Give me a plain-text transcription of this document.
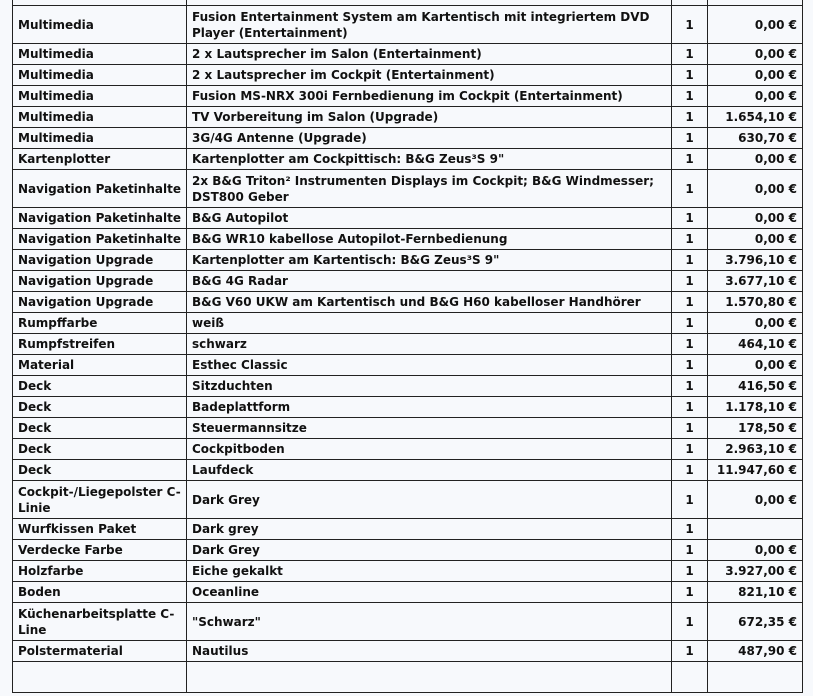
Multimedia	Fusion Entertainment System am Kartentisch mit integriertem DVD Player (Entertainment)	1	0,00 €
Multimedia	2 x Lautsprecher im Salon (Entertainment)	1	0,00 €
Multimedia	2 x Lautsprecher im Cockpit (Entertainment)	1	0,00 €
Multimedia	Fusion MS-NRX 300i Fernbedienung im Cockpit (Entertainment)	1	0,00 €
Multimedia	TV Vorbereitung im Salon (Upgrade)	1	1.654,10 €
Multimedia	3G/4G Antenne (Upgrade)	1	630,70 €
Kartenplotter	Kartenplotter am Cockpittisch: B&G Zeus³S 9"	1	0,00 €
Navigation Paketinhalte	2x B&G Triton² Instrumenten Displays im Cockpit; B&G Windmesser; DST800 Geber	1	0,00 €
Navigation Paketinhalte	B&G Autopilot	1	0,00 €
Navigation Paketinhalte	B&G WR10 kabellose Autopilot-Fernbedienung	1	0,00 €
Navigation Upgrade	Kartenplotter am Kartentisch: B&G Zeus³S 9"	1	3.796,10 €
Navigation Upgrade	B&G 4G Radar	1	3.677,10 €
Navigation Upgrade	B&G V60 UKW am Kartentisch und B&G H60 kabelloser Handhörer	1	1.570,80 €
Rumpffarbe	weiß	1	0,00 €
Rumpfstreifen	schwarz	1	464,10 €
Material	Esthec Classic	1	0,00 €
Deck	Sitzduchten	1	416,50 €
Deck	Badeplattform	1	1.178,10 €
Deck	Steuermannsitze	1	178,50 €
Deck	Cockpitboden	1	2.963,10 €
Deck	Laufdeck	1	11.947,60 €
Cockpit-/Liegepolster C-Linie	Dark Grey	1	0,00 €
Wurfkissen Paket	Dark grey	1	
Verdecke Farbe	Dark Grey	1	0,00 €
Holzfarbe	Eiche gekalkt	1	3.927,00 €
Boden	Oceanline	1	821,10 €
Küchenarbeitsplatte C-Line	"Schwarz"	1	672,35 €
Polstermaterial	Nautilus	1	487,90 €
